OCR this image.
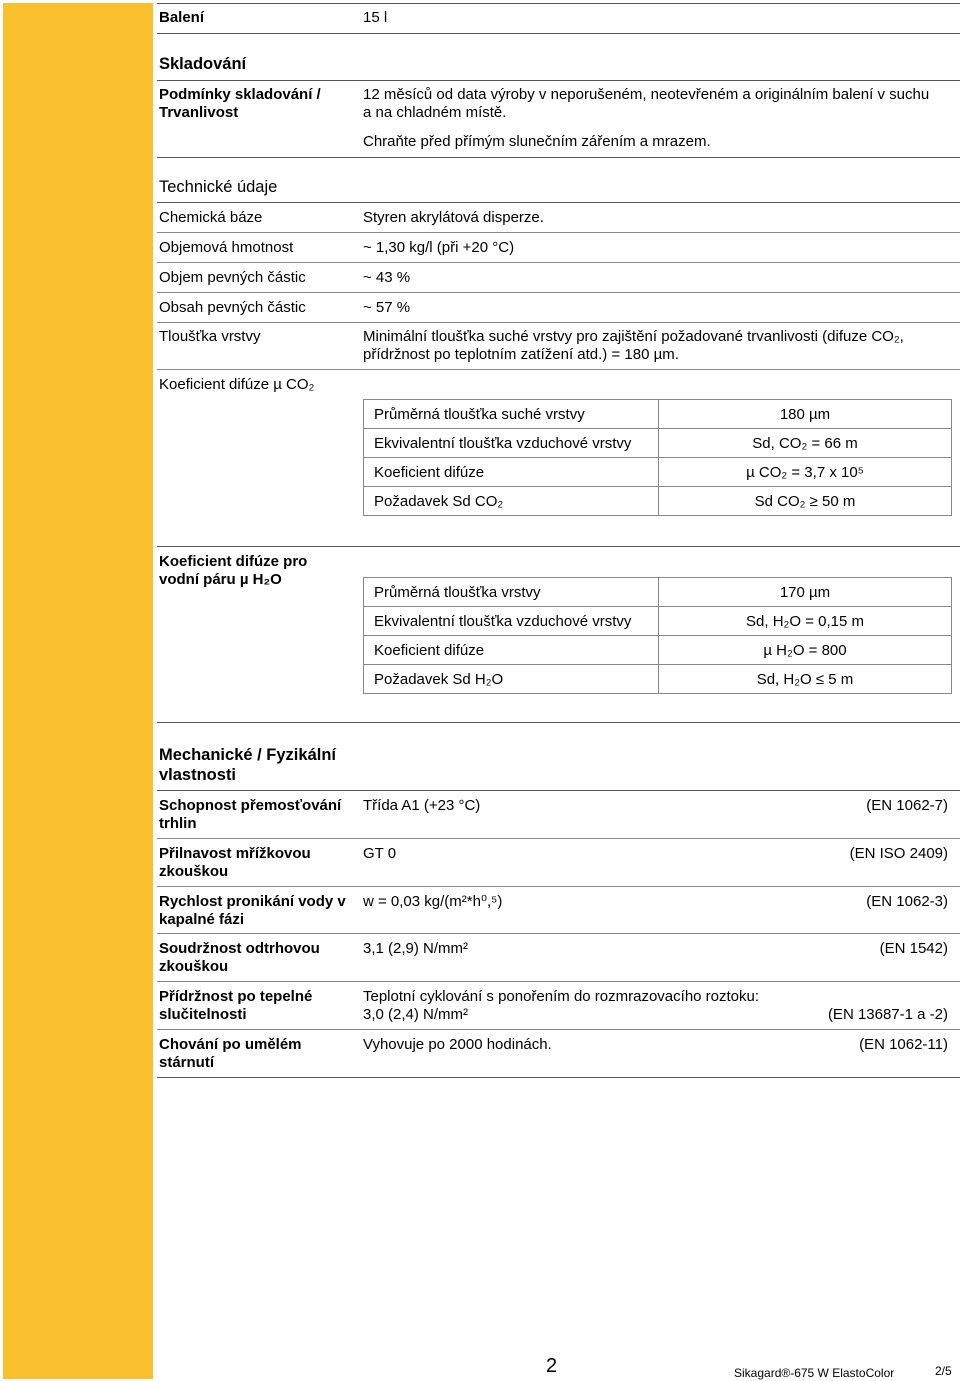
Balení	15 l
Skladování
Podmínky skladování / Trvanlivost
12 měsíců od data výroby v neporušeném, neotevřeném a originálním balení v suchu a na chladném místě.
Chraňte před přímým slunečním zářením a mrazem.
Technické údaje
Chemická báze	Styren akrylátová disperze.
Objemová hmotnost	~ 1,30 kg/l (při +20 °C)
Objem pevných částic	~ 43 %
Obsah pevných částic	~ 57 %
Tloušťka vrstvy	Minimální tloušťka suché vrstvy pro zajištění požadované trvanlivosti (difuze CO₂,
přídržnost po teplotním zatížení atd.) = 180 µm.
Koeficient difúze µ CO₂
Průměrná tloušťka suché vrstvy	180 µm
Ekvivalentní tloušťka vzduchové vrstvy	Sd, CO₂ = 66 m
Koeficient difúze	µ CO₂ = 3,7 x 10⁵
Požadavek Sd CO₂	Sd CO₂ ≥ 50 m
Koeficient difúze pro vodní páru µ H₂O
Průměrná tloušťka vrstvy	170 µm
Ekvivalentní tloušťka vzduchové vrstvy	Sd, H₂O = 0,15 m
Koeficient difúze	µ H₂O = 800
Požadavek Sd H₂O	Sd, H₂O ≤ 5 m
Mechanické / Fyzikální vlastnosti
Schopnost přemosťování trhlin
Třída A1 (+23 °C)	(EN 1062-7)
Přilnavost mřížkovou zkouškou
GT 0	(EN ISO 2409)
Rychlost pronikání vody v kapalné fázi
w = 0,03 kg/(m²*h⁰,⁵)	(EN 1062-3)
Soudržnost odtrhovou zkouškou
3,1 (2,9) N/mm²	(EN 1542)
Přídržnost po tepelné slučitelnosti
Teplotní cyklování s ponořením do rozmrazovacího roztoku:
3,0 (2,4) N/mm²	(EN 13687-1 a -2)
Chování po umělém stárnutí
Vyhovuje po 2000 hodinách.	(EN 1062-11)
2	Sikagard®-675 W ElastoColor	2/5
